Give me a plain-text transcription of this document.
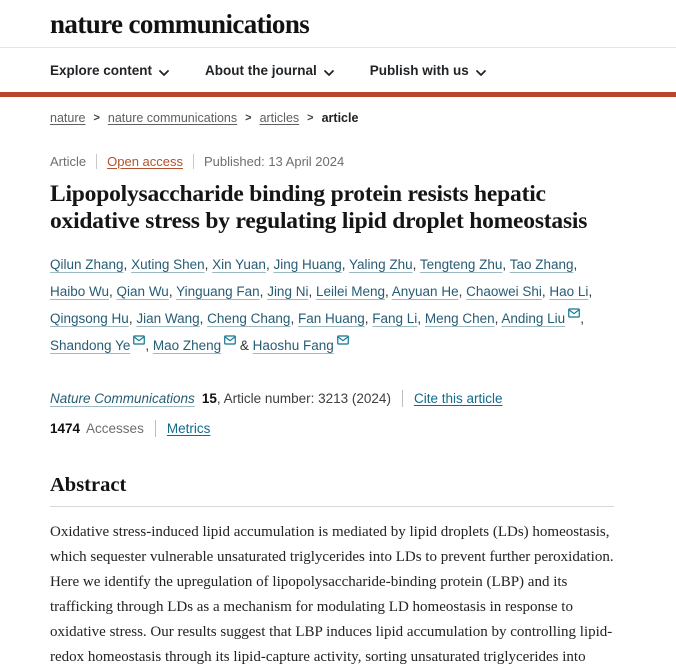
nature communications
Explore content	About the journal	Publish with us
nature > nature communications > articles > article
Article Open access Published: 13 April 2024
Lipopolysaccharide binding protein resists hepatic oxidative stress by regulating lipid droplet homeostasis

Qilun Zhang, Xuting Shen, Xin Yuan, Jing Huang, Yaling Zhu, Tengteng Zhu, Tao Zhang, Haibo Wu, Qian Wu, Yinguang Fan, Jing Ni, Leilei Meng, Anyuan He, Chaowei Shi, Hao Li, Qingsong Hu, Jian Wang, Cheng Chang, Fan Huang, Fang Li, Meng Chen, Anding Liu , Shandong Ye , Mao Zheng & Haoshu Fang

Nature Communications 15 , Article number: 3213 (2024) Cite this article
1474 Accesses Metrics
Abstract

Oxidative stress-induced lipid accumulation is mediated by lipid droplets (LDs) homeostasis, which sequester vulnerable unsaturated triglycerides into LDs to prevent further peroxidation. Here we identify the upregulation of lipopolysaccharide-binding protein (LBP) and its trafficking through LDs as a mechanism for modulating LD homeostasis in response to oxidative stress. Our results suggest that LBP induces lipid accumulation by controlling lipid-redox homeostasis through its lipid-capture activity, sorting unsaturated triglycerides into
